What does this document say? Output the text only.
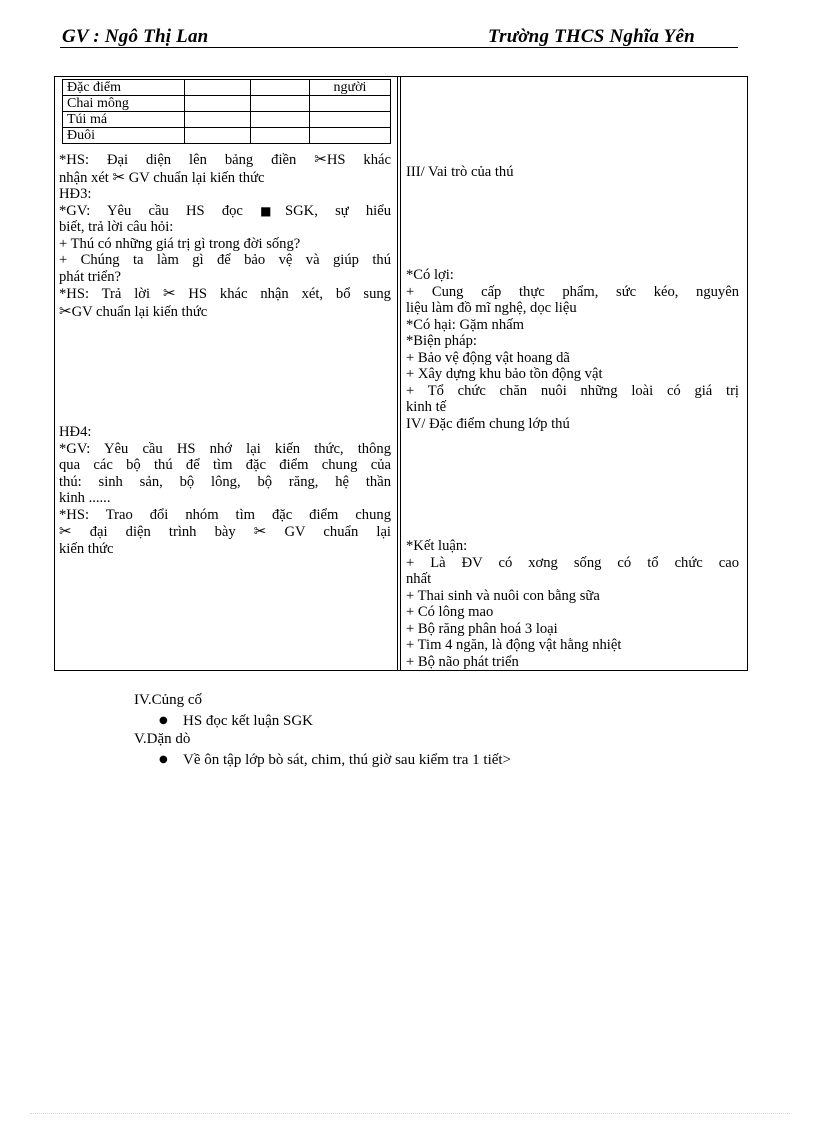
GV : Ngô Thị Lan	Trường THCS Nghĩa Yên
Đặc điểm			người
Chai mông			
Túi má			
Đuôi			
*HS: Đại diện lên bảng điền ✂HS khác
nhận xét ✂ GV chuẩn lại kiến thức
HĐ3:
*GV: Yêu cầu HS đọc ■SGK, sự hiểu
biết, trả lời câu hỏi:
+ Thú có những giá trị gì trong đời sống?
+ Chúng ta làm gì để bảo vệ và giúp thú
phát triển?
*HS: Trả lời ✂ HS khác nhận xét, bổ sung
✂GV chuẩn lại kiến thức
HĐ4:
*GV: Yêu cầu HS nhớ lại kiến thức, thông
qua các bộ thú để tìm đặc điểm chung của
thú: sinh sản, bộ lông, bộ răng, hệ thần
kinh ......
*HS: Trao đổi nhóm tìm đặc điểm chung
✂ đại diện trình bày ✂ GV chuẩn lại
kiến thức
III/ Vai trò của thú
*Có lợi:
+ Cung cấp thực phẩm, sức kéo, nguyên
liệu làm đồ mĩ nghệ, dọc liệu
*Có hại: Gặm nhấm
*Biện pháp:
+ Bảo vệ động vật hoang dã
+ Xây dựng khu bảo tồn động vật
+ Tổ chức chăn nuôi những loài có giá trị
kinh tế
IV/ Đặc điểm chung lớp thú
*Kết luận:
+ Là ĐV có xơng sống có tổ chức cao
nhất
+ Thai sinh và nuôi con bằng sữa
+ Có lông mao
+ Bộ răng phân hoá 3 loại
+ Tim 4 ngăn, là động vật hằng nhiệt
+ Bộ não phát triển
IV.Củng cố
● HS đọc kết luận SGK
V.Dặn dò
● Về ôn tập lớp bò sát, chim, thú giờ sau kiểm tra 1 tiết>
